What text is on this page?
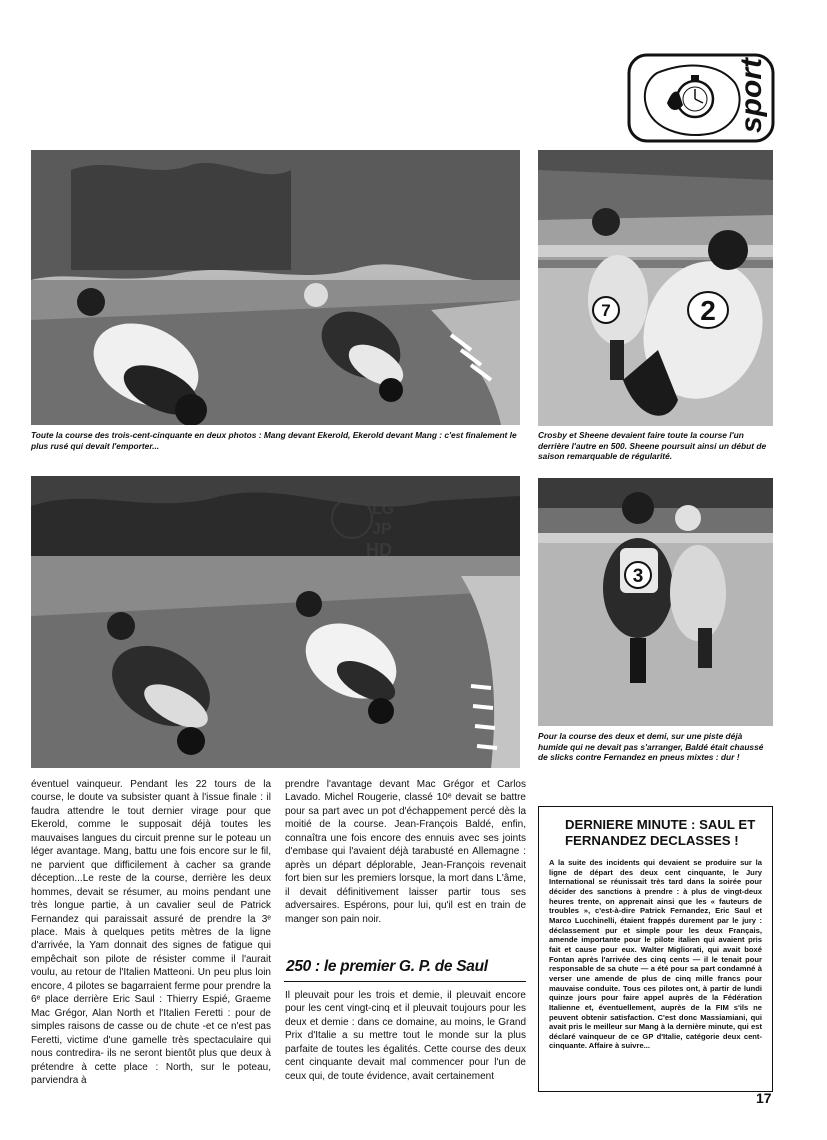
sport
7	2
Toute la course des trois-cent-cinquante en deux photos : Mang devant Ekerold, Ekerold devant Mang : c'est finalement le plus rusé qui devait l'emporter...
Crosby et Sheene devaient faire toute la course l'un derrière l'autre en 500. Sheene poursuit ainsi un début de saison remarquable de régularité.
LG
JP
HD
3
Pour la course des deux et demi, sur une piste déjà humide qui ne devait pas s'arranger, Baldé était chaussé de slicks contre Fernandez en pneus mixtes : dur !

éventuel vainqueur. Pendant les 22 tours de la course, le doute va subsister quant à l'issue finale : il faudra attendre le tout dernier virage pour que Ekerold, comme le supposait déjà toutes les mauvaises langues du circuit prenne sur le poteau un léger avantage. Mang, battu une fois encore sur le fil, ne parvient que difficilement à cacher sa grande déception...Le reste de la course, derrière les deux hommes, devait se résumer, au moins pendant une très longue partie, à un cavalier seul de Patrick Fernandez qui paraissait assuré de prendre la 3ᵉ place. Mais à quelques petits mètres de la ligne d'arrivée, la Yam donnait des signes de fatigue qui empêchait son pilote de résister comme il l'aurait voulu, au retour de l'Italien Matteoni. Un peu plus loin encore, 4 pilotes se bagarraient ferme pour prendre la 6ᵉ place derrière Eric Saul : Thierry Espié, Graeme Mac Grégor, Alan North et l'Italien Feretti : pour de simples raisons de casse ou de chute -et ce n'est pas Feretti, victime d'une gamelle très spectaculaire qui nous contredira- ils ne seront bientôt plus que deux à prétendre à cette place : North, sur le poteau, parviendra à

prendre l'avantage devant Mac Grégor et Carlos Lavado. Michel Rougerie, classé 10ᵉ devait se battre pour sa part avec un pot d'échappement percé dès la moitié de la course. Jean-François Baldé, enfin, connaîtra une fois encore des ennuis avec ses joints d'embase qui l'avaient déjà tarabusté en Allemagne : après un départ déplorable, Jean-François revenait fort bien sur les premiers lorsque, la mort dans L'âme, il devait définitivement laisser partir tous ses adversaires. Espérons, pour lui, qu'il est en train de manger son pain noir.

250 : le premier G. P. de Saul

Il pleuvait pour les trois et demie, il pleuvait encore pour les cent vingt-cinq et il pleuvait toujours pour les deux et demie : dans ce domaine, au moins, le Grand Prix d'Italie a su mettre tout le monde sur la plus parfaite de toutes les égalités. Cette course des deux cent cinquante devait mal commencer pour l'un de ceux qui, de toute évidence, avait certainement

DERNIERE MINUTE : SAUL ET FERNANDEZ DECLASSES !

A la suite des incidents qui devaient se produire sur la ligne de départ des deux cent cinquante, le Jury International se réunissait très tard dans la soirée pour décider des sanctions à prendre : à plus de vingt-deux heures trente, on apprenait ainsi que les « fauteurs de troubles », c'est-à-dire Patrick Fernandez, Eric Saul et Marco Lucchinelli, étaient frappés durement par le jury : déclassement pur et simple pour les deux Français, amende importante pour le pilote italien qui avaient pris fait et cause pour eux. Walter Migliorati, qui avait boxé Fontan après l'arrivée des cinq cents — il le tenait pour responsable de sa chute — a été pour sa part condamné à verser une amende de plus de cinq mille francs pour mauvaise conduite. Tous ces pilotes ont, à partir de lundi quinze jours pour faire appel auprès de la Fédération Italienne et, éventuellement, auprès de la FIM s'ils ne peuvent obtenir satisfaction. C'est donc Massiamiani, qui avait pris le meilleur sur Mang à la dernière minute, qui est déclaré vainqueur de ce GP d'Italie, catégorie deux cent-cinquante. Affaire à suivre...

17
